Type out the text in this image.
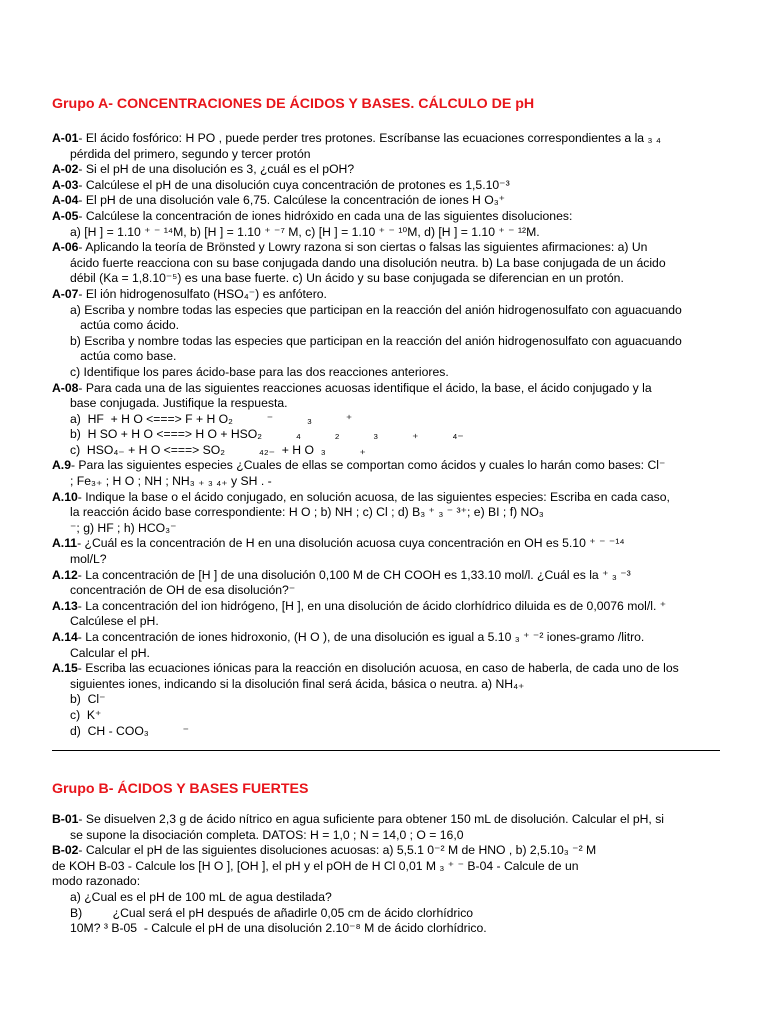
Grupo A- CONCENTRACIONES DE ÁCIDOS Y BASES. CÁLCULO DE pH
A-01- El ácido fosfórico: H PO , puede perder tres protones. Escríbanse las ecuaciones correspondientes a la ₃ ₄
pérdida del primero, segundo y tercer protón
A-02- Si el pH de una disolución es 3, ¿cuál es el pOH?
A-03- Calcúlese el pH de una disolución cuya concentración de protones es 1,5.10⁻³
A-04- El pH de una disolución vale 6,75. Calcúlese la concentración de iones H O₃⁺
A-05- Calcúlese la concentración de iones hidróxido en cada una de las siguientes disoluciones:
a) [H ] = 1.10 ⁺ ⁻ ¹⁴M, b) [H ] = 1.10 ⁺ ⁻⁷ M, c) [H ] = 1.10 ⁺ ⁻ ¹⁰M, d) [H ] = 1.10 ⁺ ⁻ ¹²M.
A-06- Aplicando la teoría de Brönsted y Lowry razona si son ciertas o falsas las siguientes afirmaciones: a) Un
ácido fuerte reacciona con su base conjugada dando una disolución neutra. b) La base conjugada de un ácido
débil (Ka = 1,8.10⁻⁵) es una base fuerte. c) Un ácido y su base conjugada se diferencian en un protón.
A-07- El ión hidrogenosulfato (HSO₄⁻) es anfótero.
a) Escriba y nombre todas las especies que participan en la reacción del anión hidrogenosulfato con aguacuando
actúa como ácido.
b) Escriba y nombre todas las especies que participan en la reacción del anión hidrogenosulfato con aguacuando
actúa como base.
c) Identifique los pares ácido-base para las dos reacciones anteriores.
A-08- Para cada una de las siguientes reacciones acuosas identifique el ácido, la base, el ácido conjugado y la
base conjugada. Justifique la respuesta.
a)  HF  + H O <===> F + H O₂          ⁻          ₃          ⁺
b)  H SO + H O <===> H O + HSO₂          ₄          ₂          ₃          ₊          ₄₋
c)  HSO₄₋ + H O <===> SO₂          ₄₂₋  + H O  ₃          ₊
A.9- Para las siguientes especies ¿Cuales de ellas se comportan como ácidos y cuales lo harán como bases: Cl⁻
; Fe₃₊ ; H O ; NH ; NH₃ ₊ ₃ ₄₊ y SH . -
A.10- Indique la base o el ácido conjugado, en solución acuosa, de las siguientes especies: Escriba en cada caso,
la reacción ácido base correspondiente: H O ; b) NH ; c) Cl ; d) B₃ ⁺ ₃ ⁻ ³⁺; e) BI ; f) NO₃
⁻; g) HF ; h) HCO₃⁻
A.11- ¿Cuál es la concentración de H en una disolución acuosa cuya concentración en OH es 5.10 ⁺ ⁻ ⁻¹⁴
mol/L?
A.12- La concentración de [H ] de una disolución 0,100 M de CH COOH es 1,33.10 mol/l. ¿Cuál es la ⁺ ₃ ⁻³
concentración de OH de esa disolución?⁻
A.13- La concentración del ion hidrógeno, [H ], en una disolución de ácido clorhídrico diluida es de 0,0076 mol/l. ⁺
Calcúlese el pH.
A.14- La concentración de iones hidroxonio, (H O ), de una disolución es igual a 5.10 ₃ ⁺ ⁻² iones-gramo /litro.
Calcular el pH.
A.15- Escriba las ecuaciones iónicas para la reacción en disolución acuosa, en caso de haberla, de cada uno de los
siguientes iones, indicando si la disolución final será ácida, básica o neutra. a) NH₄₊
b)  Cl⁻
c)  K⁺
d)  CH - COO₃          ⁻
Grupo B- ÁCIDOS Y BASES FUERTES
B-01- Se disuelven 2,3 g de ácido nítrico en agua suficiente para obtener 150 mL de disolución. Calcular el pH, si
se supone la disociación completa. DATOS: H = 1,0 ; N = 14,0 ; O = 16,0
B-02- Calcular el pH de las siguientes disoluciones acuosas: a) 5,5.1 0⁻² M de HNO , b) 2,5.10₃ ⁻² M
de KOH B-03 - Calcule los [H O ], [OH ], el pH y el pOH de H Cl 0,01 M ₃ ⁺ ⁻ B-04 - Calcule de un
modo razonado:
a) ¿Cual es el pH de 100 mL de agua destilada?
B)         ¿Cual será el pH después de añadirle 0,05 cm de ácido clorhídrico
10M? ³ B-05  - Calcule el pH de una disolución 2.10⁻⁸ M de ácido clorhídrico.
